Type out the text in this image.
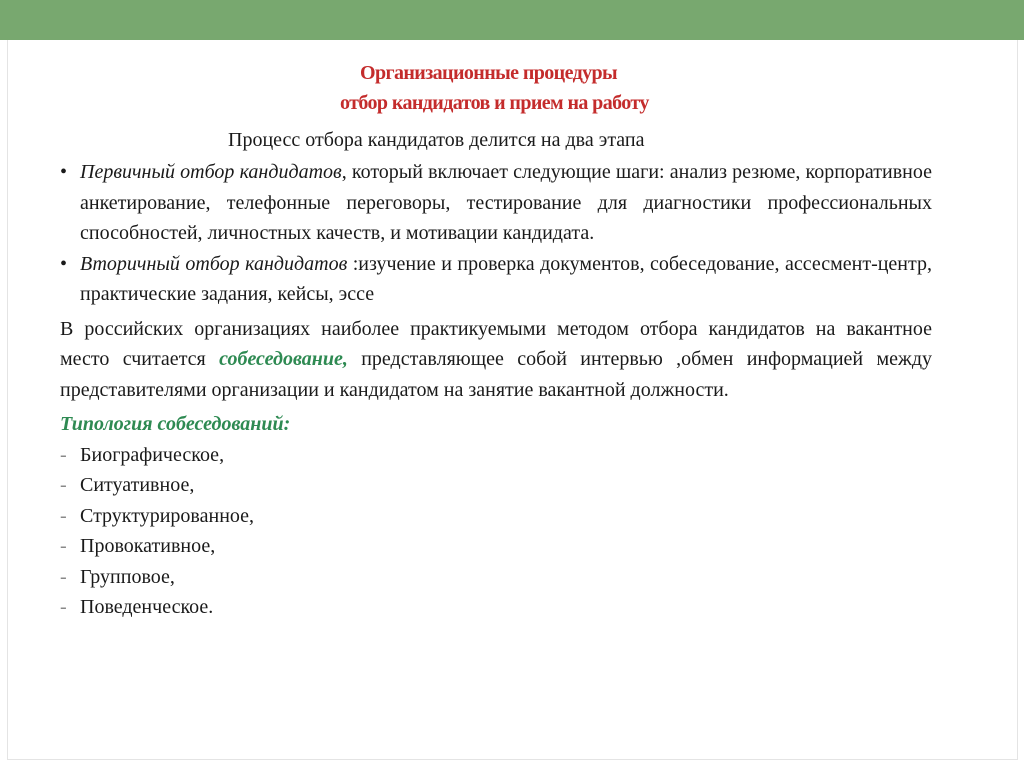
Организационные процедуры
отбор кандидатов и прием на работу
Процесс отбора кандидатов делится на два этапа
• Первичный отбор кандидатов, который включает следующие шаги: анализ резюме, корпоративное анкетирование, телефонные переговоры, тестирование для диагностики профессиональных способностей, личностных качеств, и мотивации кандидата.
• Вторичный отбор кандидатов :изучение и проверка документов, собеседование, ассесмент-центр, практические задания, кейсы, эссе
В российских организациях наиболее практикуемыми методом отбора кандидатов на вакантное место считается собеседование, представляющее собой интервью ,обмен информацией между представителями организации и кандидатом на занятие вакантной должности.
Типология собеседований:
- Биографическое,
- Ситуативное,
- Структурированное,
- Провокативное,
- Групповое,
- Поведенческое.
